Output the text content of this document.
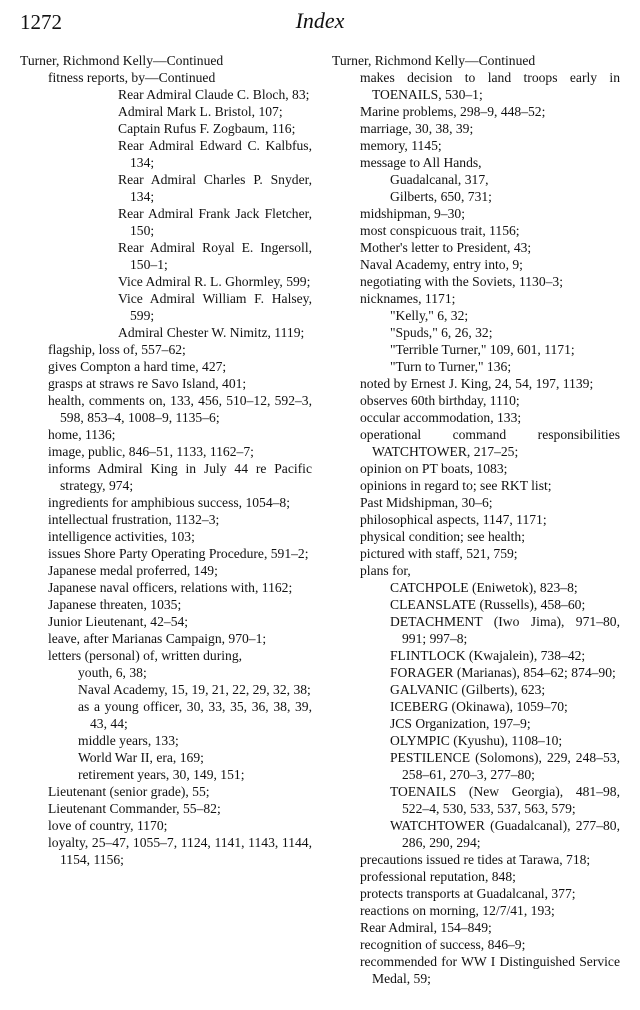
1272	Index

Turner, Richmond Kelly—Continued

fitness reports, by—Continued

Rear Admiral Claude C. Bloch, 83;

Admiral Mark L. Bristol, 107;

Captain Rufus F. Zogbaum, 116;

Rear Admiral Edward C. Kalbfus, 134;

Rear Admiral Charles P. Snyder, 134;

Rear Admiral Frank Jack Fletcher, 150;

Rear Admiral Royal E. Ingersoll, 150–1;

Vice Admiral R. L. Ghormley, 599;

Vice Admiral William F. Halsey, 599;

Admiral Chester W. Nimitz, 1119;

flagship, loss of, 557–62;

gives Compton a hard time, 427;

grasps at straws re Savo Island, 401;

health, comments on, 133, 456, 510–12, 592–3, 598, 853–4, 1008–9, 1135–6;

home, 1136;

image, public, 846–51, 1133, 1162–7;

informs Admiral King in July 44 re Pacific strategy, 974;

ingredients for amphibious success, 1054–8;

intellectual frustration, 1132–3;

intelligence activities, 103;

issues Shore Party Operating Procedure, 591–2;

Japanese medal proferred, 149;

Japanese naval officers, relations with, 1162;

Japanese threaten, 1035;

Junior Lieutenant, 42–54;

leave, after Marianas Campaign, 970–1;

letters (personal) of, written during,

youth, 6, 38;

Naval Academy, 15, 19, 21, 22, 29, 32, 38;

as a young officer, 30, 33, 35, 36, 38, 39, 43, 44;

middle years, 133;

World War II, era, 169;

retirement years, 30, 149, 151;

Lieutenant (senior grade), 55;

Lieutenant Commander, 55–82;

love of country, 1170;

loyalty, 25–47, 1055–7, 1124, 1141, 1143, 1144, 1154, 1156;

Turner, Richmond Kelly—Continued

makes decision to land troops early in TOENAILS, 530–1;

Marine problems, 298–9, 448–52;

marriage, 30, 38, 39;

memory, 1145;

message to All Hands,

Guadalcanal, 317,

Gilberts, 650, 731;

midshipman, 9–30;

most conspicuous trait, 1156;

Mother's letter to President, 43;

Naval Academy, entry into, 9;

negotiating with the Soviets, 1130–3;

nicknames, 1171;

"Kelly," 6, 32;

"Spuds," 6, 26, 32;

"Terrible Turner," 109, 601, 1171;

"Turn to Turner," 136;

noted by Ernest J. King, 24, 54, 197, 1139;

observes 60th birthday, 1110;

occular accommodation, 133;

operational command responsibilities WATCHTOWER, 217–25;

opinion on PT boats, 1083;

opinions in regard to; see RKT list;

Past Midshipman, 30–6;

philosophical aspects, 1147, 1171;

physical condition; see health;

pictured with staff, 521, 759;

plans for,

CATCHPOLE (Eniwetok), 823–8;

CLEANSLATE (Russells), 458–60;

DETACHMENT (Iwo Jima), 971–80, 991; 997–8;

FLINTLOCK (Kwajalein), 738–42;

FORAGER (Marianas), 854–62; 874–90;

GALVANIC (Gilberts), 623;

ICEBERG (Okinawa), 1059–70;

JCS Organization, 197–9;

OLYMPIC (Kyushu), 1108–10;

PESTILENCE (Solomons), 229, 248–53, 258–61, 270–3, 277–80;

TOENAILS (New Georgia), 481–98, 522–4, 530, 533, 537, 563, 579;

WATCHTOWER (Guadalcanal), 277–80, 286, 290, 294;

precautions issued re tides at Tarawa, 718;

professional reputation, 848;

protects transports at Guadalcanal, 377;

reactions on morning, 12/7/41, 193;

Rear Admiral, 154–849;

recognition of success, 846–9;

recommended for WW I Distinguished Service Medal, 59;
